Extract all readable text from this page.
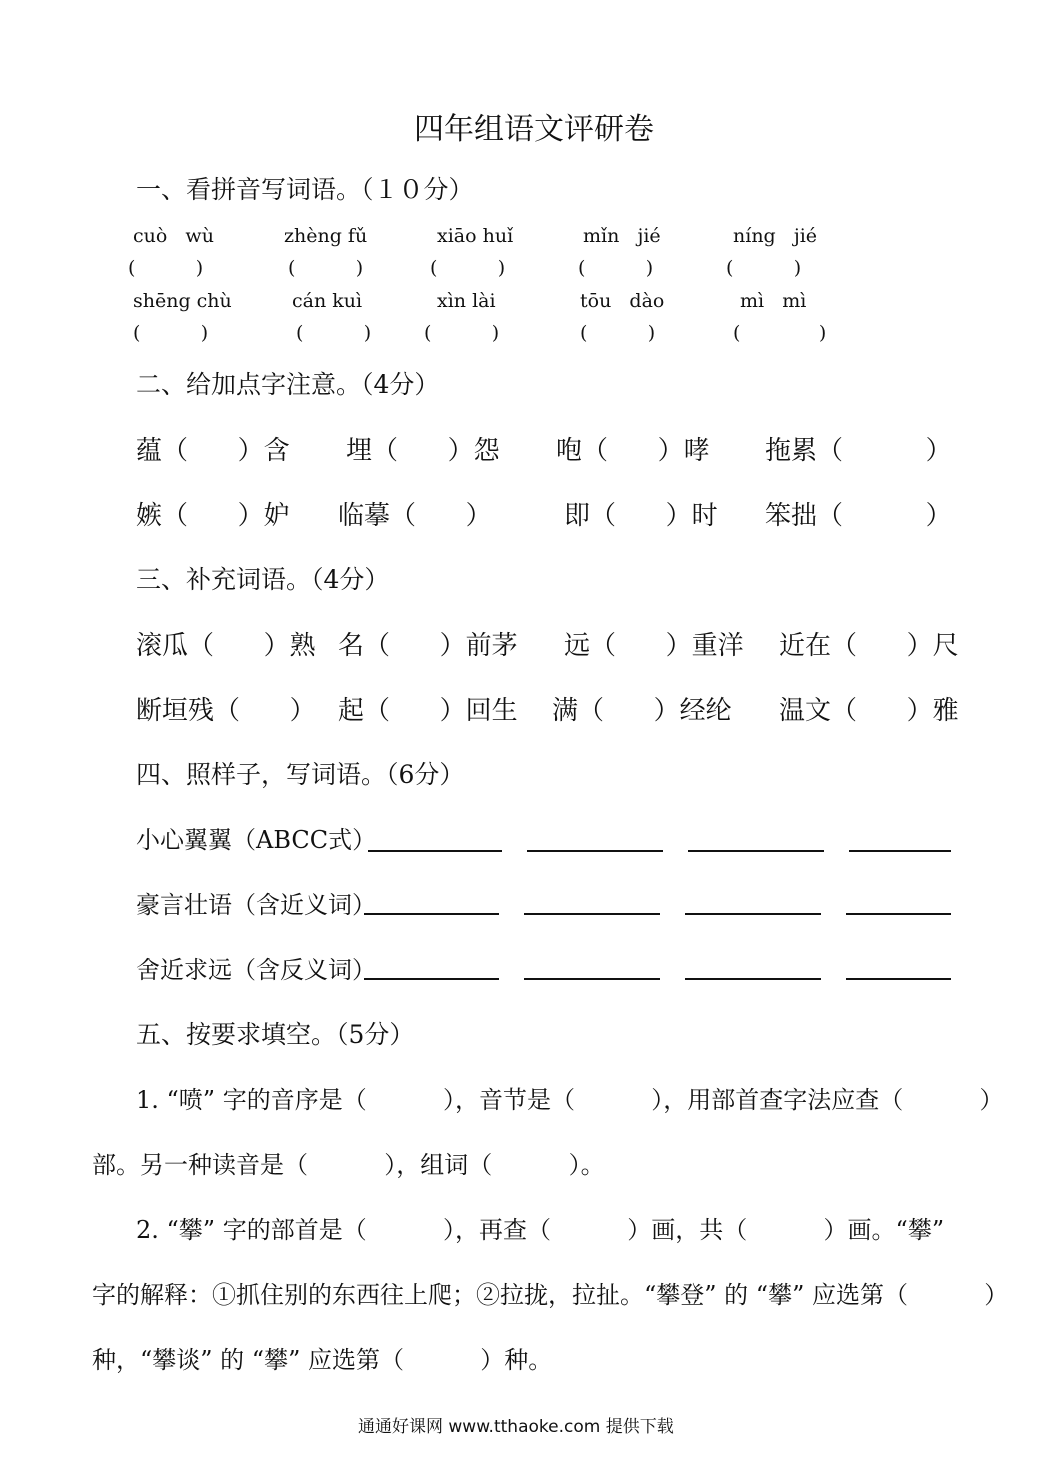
四年组语文评研卷
一、看拼音写词语。（１０分）
cuò   wù	zhèng fǔ	xiāo huǐ	mǐn   jié	níng   jié
(          )	(          )	(          )	(          )	(          )
shēng chù	cán kuì	xìn lài	tōu   dào	mì   mì
(          )	(          )	(          )	(          )	(             )
二、给加点字注意。（4分）
蕴（      ）含 埋（      ）怨 咆（      ）哮 拖累（          ）
嫉（      ）妒 临摹（      ）	即（      ）时 笨拙（          ）
三、补充词语。（4分）
滚瓜（      ）熟 名（      ）前茅 远（      ）重洋 近在（      ）尺
断垣残（      ） 起（      ）回生 满（      ）经纶 温文（      ）雅
四、照样子，写词语。（6分）
小心翼翼（ABCC式）
豪言壮语（含近义词）
舍近求远（含反义词）
五、按要求填空。（5分）
1. “喷” 字的音序是（          ），音节是（          ），用部首查字法应查（          ）
部。另一种读音是（          ），组词（          ）。
2. “攀” 字的部首是（          ），再查（          ）画，共（          ）画。“攀”
字的解释：①抓住别的东西往上爬；②拉拢，拉扯。“攀登” 的 “攀” 应选第（          ）
种，“攀谈” 的 “攀” 应选第（          ）种。
通通好课网 www.tthaoke.com 提供下载
